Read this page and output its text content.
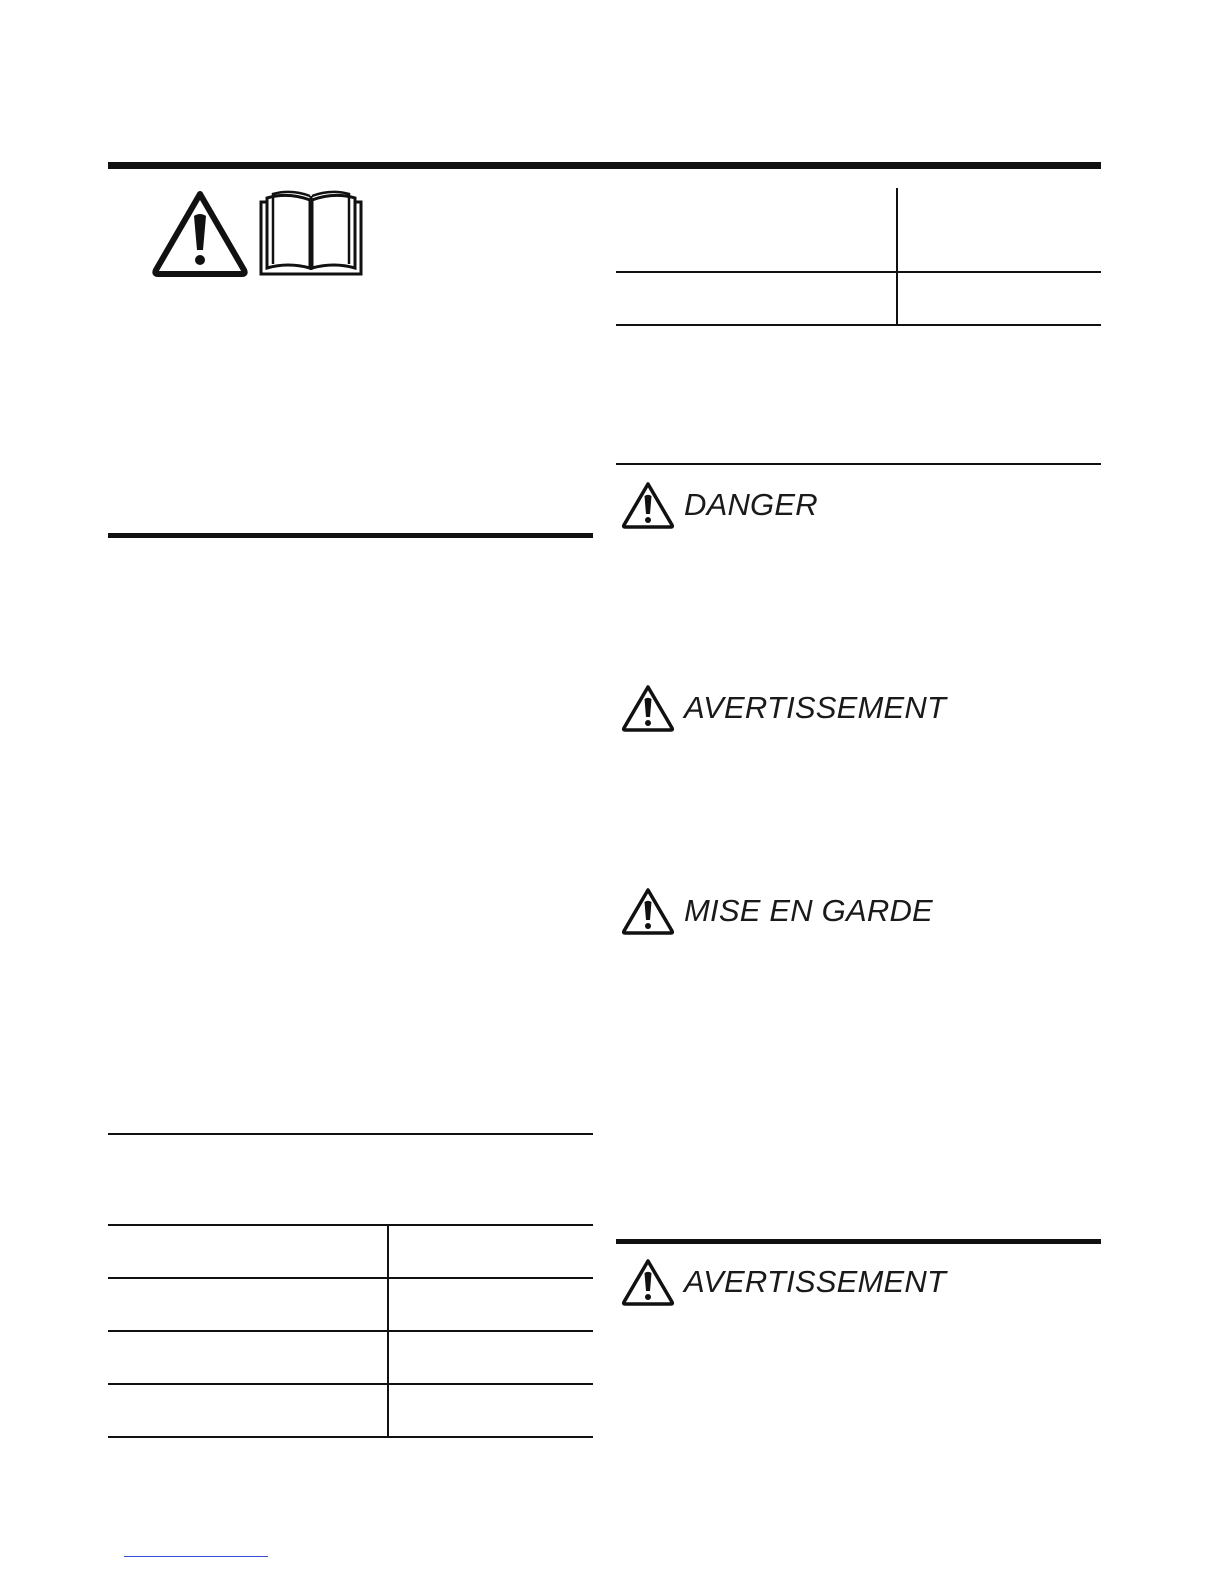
DANGER
AVERTISSEMENT
MISE EN GARDE
AVERTISSEMENT
